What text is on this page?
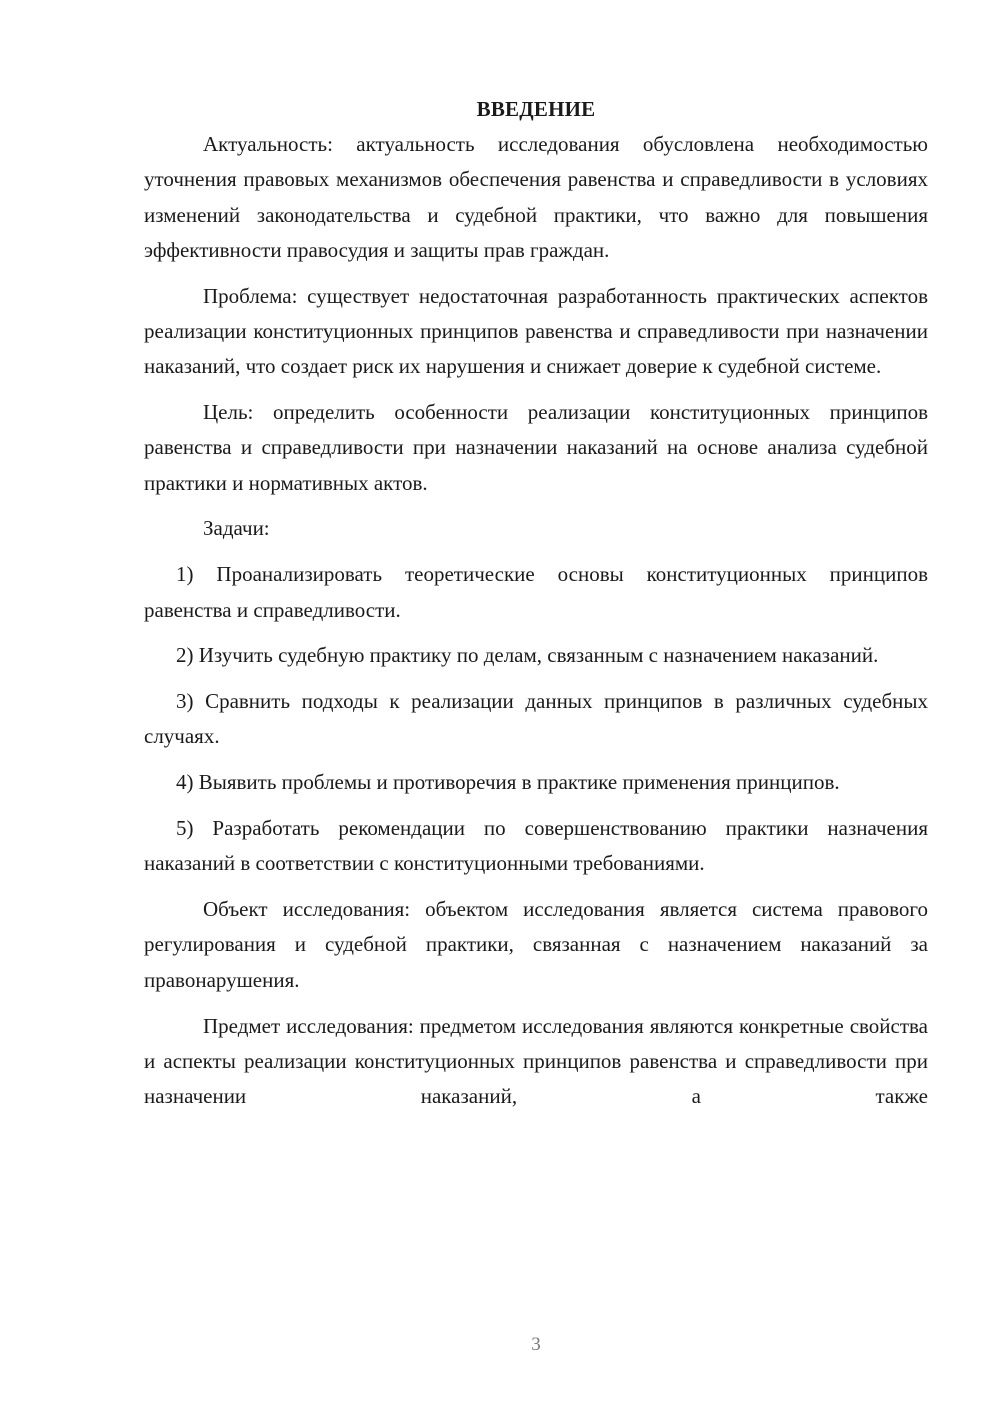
ВВЕДЕНИЕ

Актуальность: актуальность исследования обусловлена необходимостью уточнения правовых механизмов обеспечения равенства и справедливости в условиях изменений законодательства и судебной практики, что важно для повышения эффективности правосудия и защиты прав граждан.

Проблема: существует недостаточная разработанность практических аспектов реализации конституционных принципов равенства и справедливости при назначении наказаний, что создает риск их нарушения и снижает доверие к судебной системе.

Цель: определить особенности реализации конституционных принципов равенства и справедливости при назначении наказаний на основе анализа судебной практики и нормативных актов.

Задачи:

1) Проанализировать теоретические основы конституционных принципов равенства и справедливости.

2) Изучить судебную практику по делам, связанным с назначением наказаний.

3) Сравнить подходы к реализации данных принципов в различных судебных случаях.

4) Выявить проблемы и противоречия в практике применения принципов.

5) Разработать рекомендации по совершенствованию практики назначения наказаний в соответствии с конституционными требованиями.

Объект исследования: объектом исследования является система правового регулирования и судебной практики, связанная с назначением наказаний за правонарушения.

Предмет исследования: предметом исследования являются конкретные свойства и аспекты реализации конституционных принципов равенства и справедливости при назначении наказаний, а также

3
